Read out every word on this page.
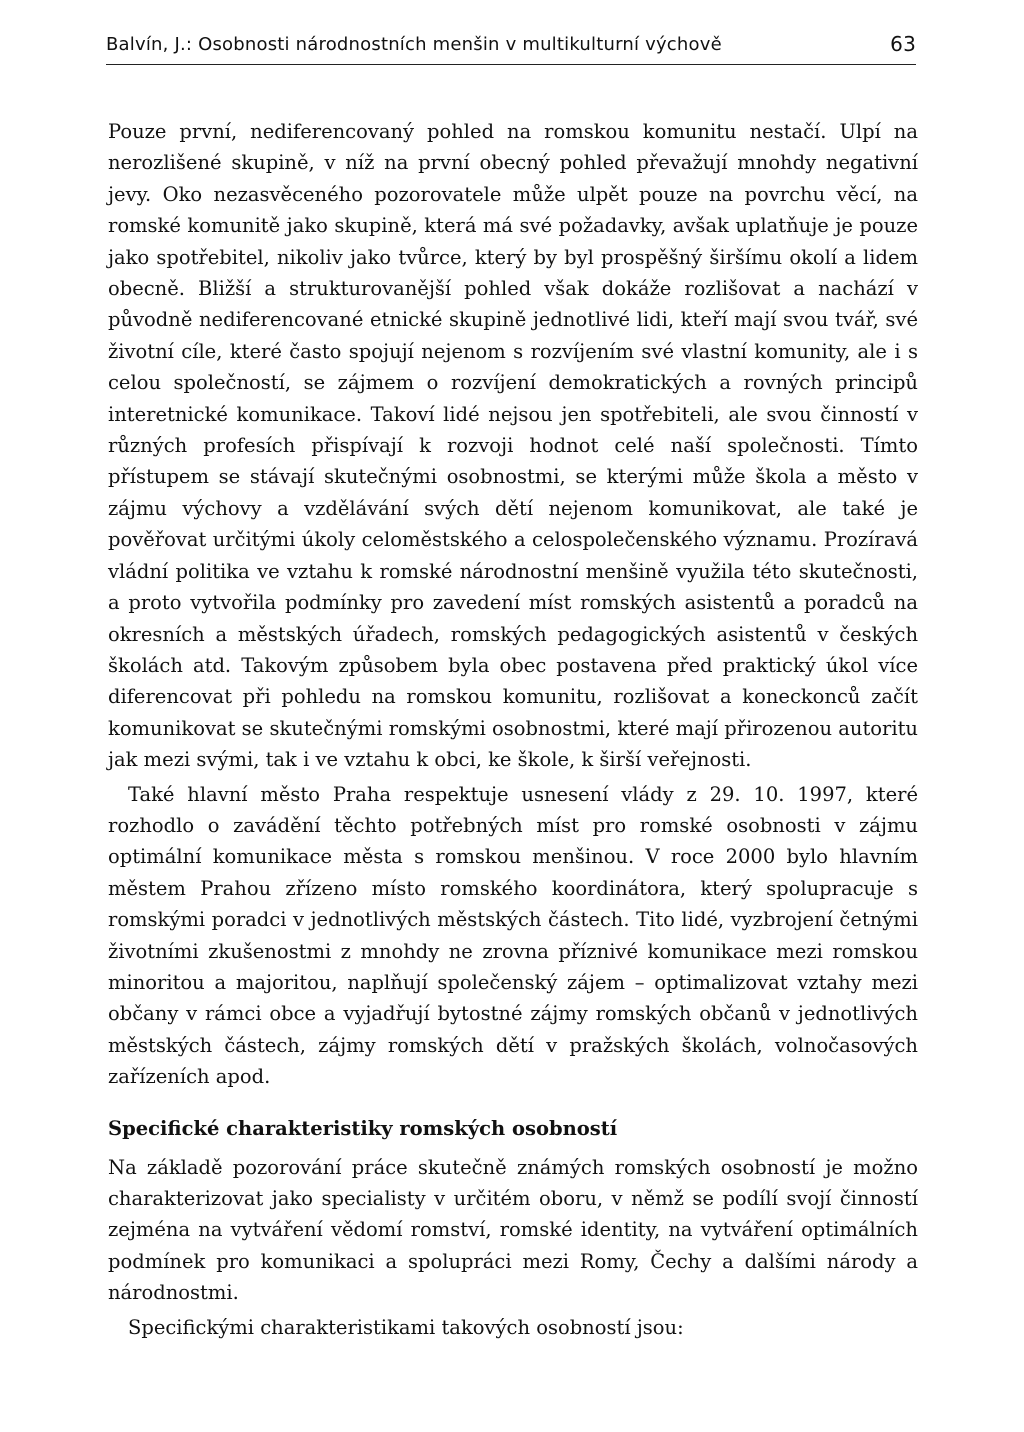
Balvín, J.: Osobnosti národnostních menšin v multikulturní výchově	63

Pouze první, nediferencovaný pohled na romskou komunitu nestačí. Ulpí na nerozlišené skupině, v níž na první obecný pohled převažují mnohdy negativní jevy. Oko nezasvěceného pozorovatele může ulpět pouze na povrchu věcí, na romské komunitě jako skupině, která má své požadavky, avšak uplatňuje je pouze jako spotřebitel, nikoliv jako tvůrce, který by byl prospěšný širšímu okolí a lidem obecně. Bližší a strukturovanější pohled však dokáže rozlišovat a nachází v původně nediferencované etnické skupině jednotlivé lidi, kteří mají svou tvář, své životní cíle, které často spojují nejenom s rozvíjením své vlastní komunity, ale i s celou společností, se zájmem o rozvíjení demokratických a rovných principů interetnické komunikace. Takoví lidé nejsou jen spotřebiteli, ale svou činností v různých profesích přispívají k rozvoji hodnot celé naší společnosti. Tímto přístupem se stávají skutečnými osobnostmi, se kterými může škola a město v zájmu výchovy a vzdělávání svých dětí nejenom komunikovat, ale také je pověřovat určitými úkoly celoměstského a celospolečenského významu. Prozíravá vládní politika ve vztahu k romské národnostní menšině využila této skutečnosti, a proto vytvořila podmínky pro zavedení míst romských asistentů a poradců na okresních a městských úřadech, romských pedagogických asistentů v českých školách atd. Takovým způsobem byla obec postavena před praktický úkol více diferencovat při pohledu na romskou komunitu, rozlišovat a koneckonců začít komunikovat se skutečnými romskými osobnostmi, které mají přirozenou autoritu jak mezi svými, tak i ve vztahu k obci, ke škole, k širší veřejnosti.

Také hlavní město Praha respektuje usnesení vlády z 29. 10. 1997, které rozhodlo o zavádění těchto potřebných míst pro romské osobnosti v zájmu optimální komunikace města s romskou menšinou. V roce 2000 bylo hlavním městem Prahou zřízeno místo romského koordinátora, který spolupracuje s romskými poradci v jednotlivých městských částech. Tito lidé, vyzbrojení četnými životními zkušenostmi z mnohdy ne zrovna příznivé komunikace mezi romskou minoritou a majoritou, naplňují společenský zájem – optimalizovat vztahy mezi občany v rámci obce a vyjadřují bytostné zájmy romských občanů v jednotlivých městských částech, zájmy romských dětí v pražských školách, volnočasových zařízeních apod.

Specifické charakteristiky romských osobností

Na základě pozorování práce skutečně známých romských osobností je možno charakterizovat jako specialisty v určitém oboru, v němž se podílí svojí činností zejména na vytváření vědomí romství, romské identity, na vytváření optimálních podmínek pro komunikaci a spolupráci mezi Romy, Čechy a dalšími národy a národnostmi.

Specifickými charakteristikami takových osobností jsou:
